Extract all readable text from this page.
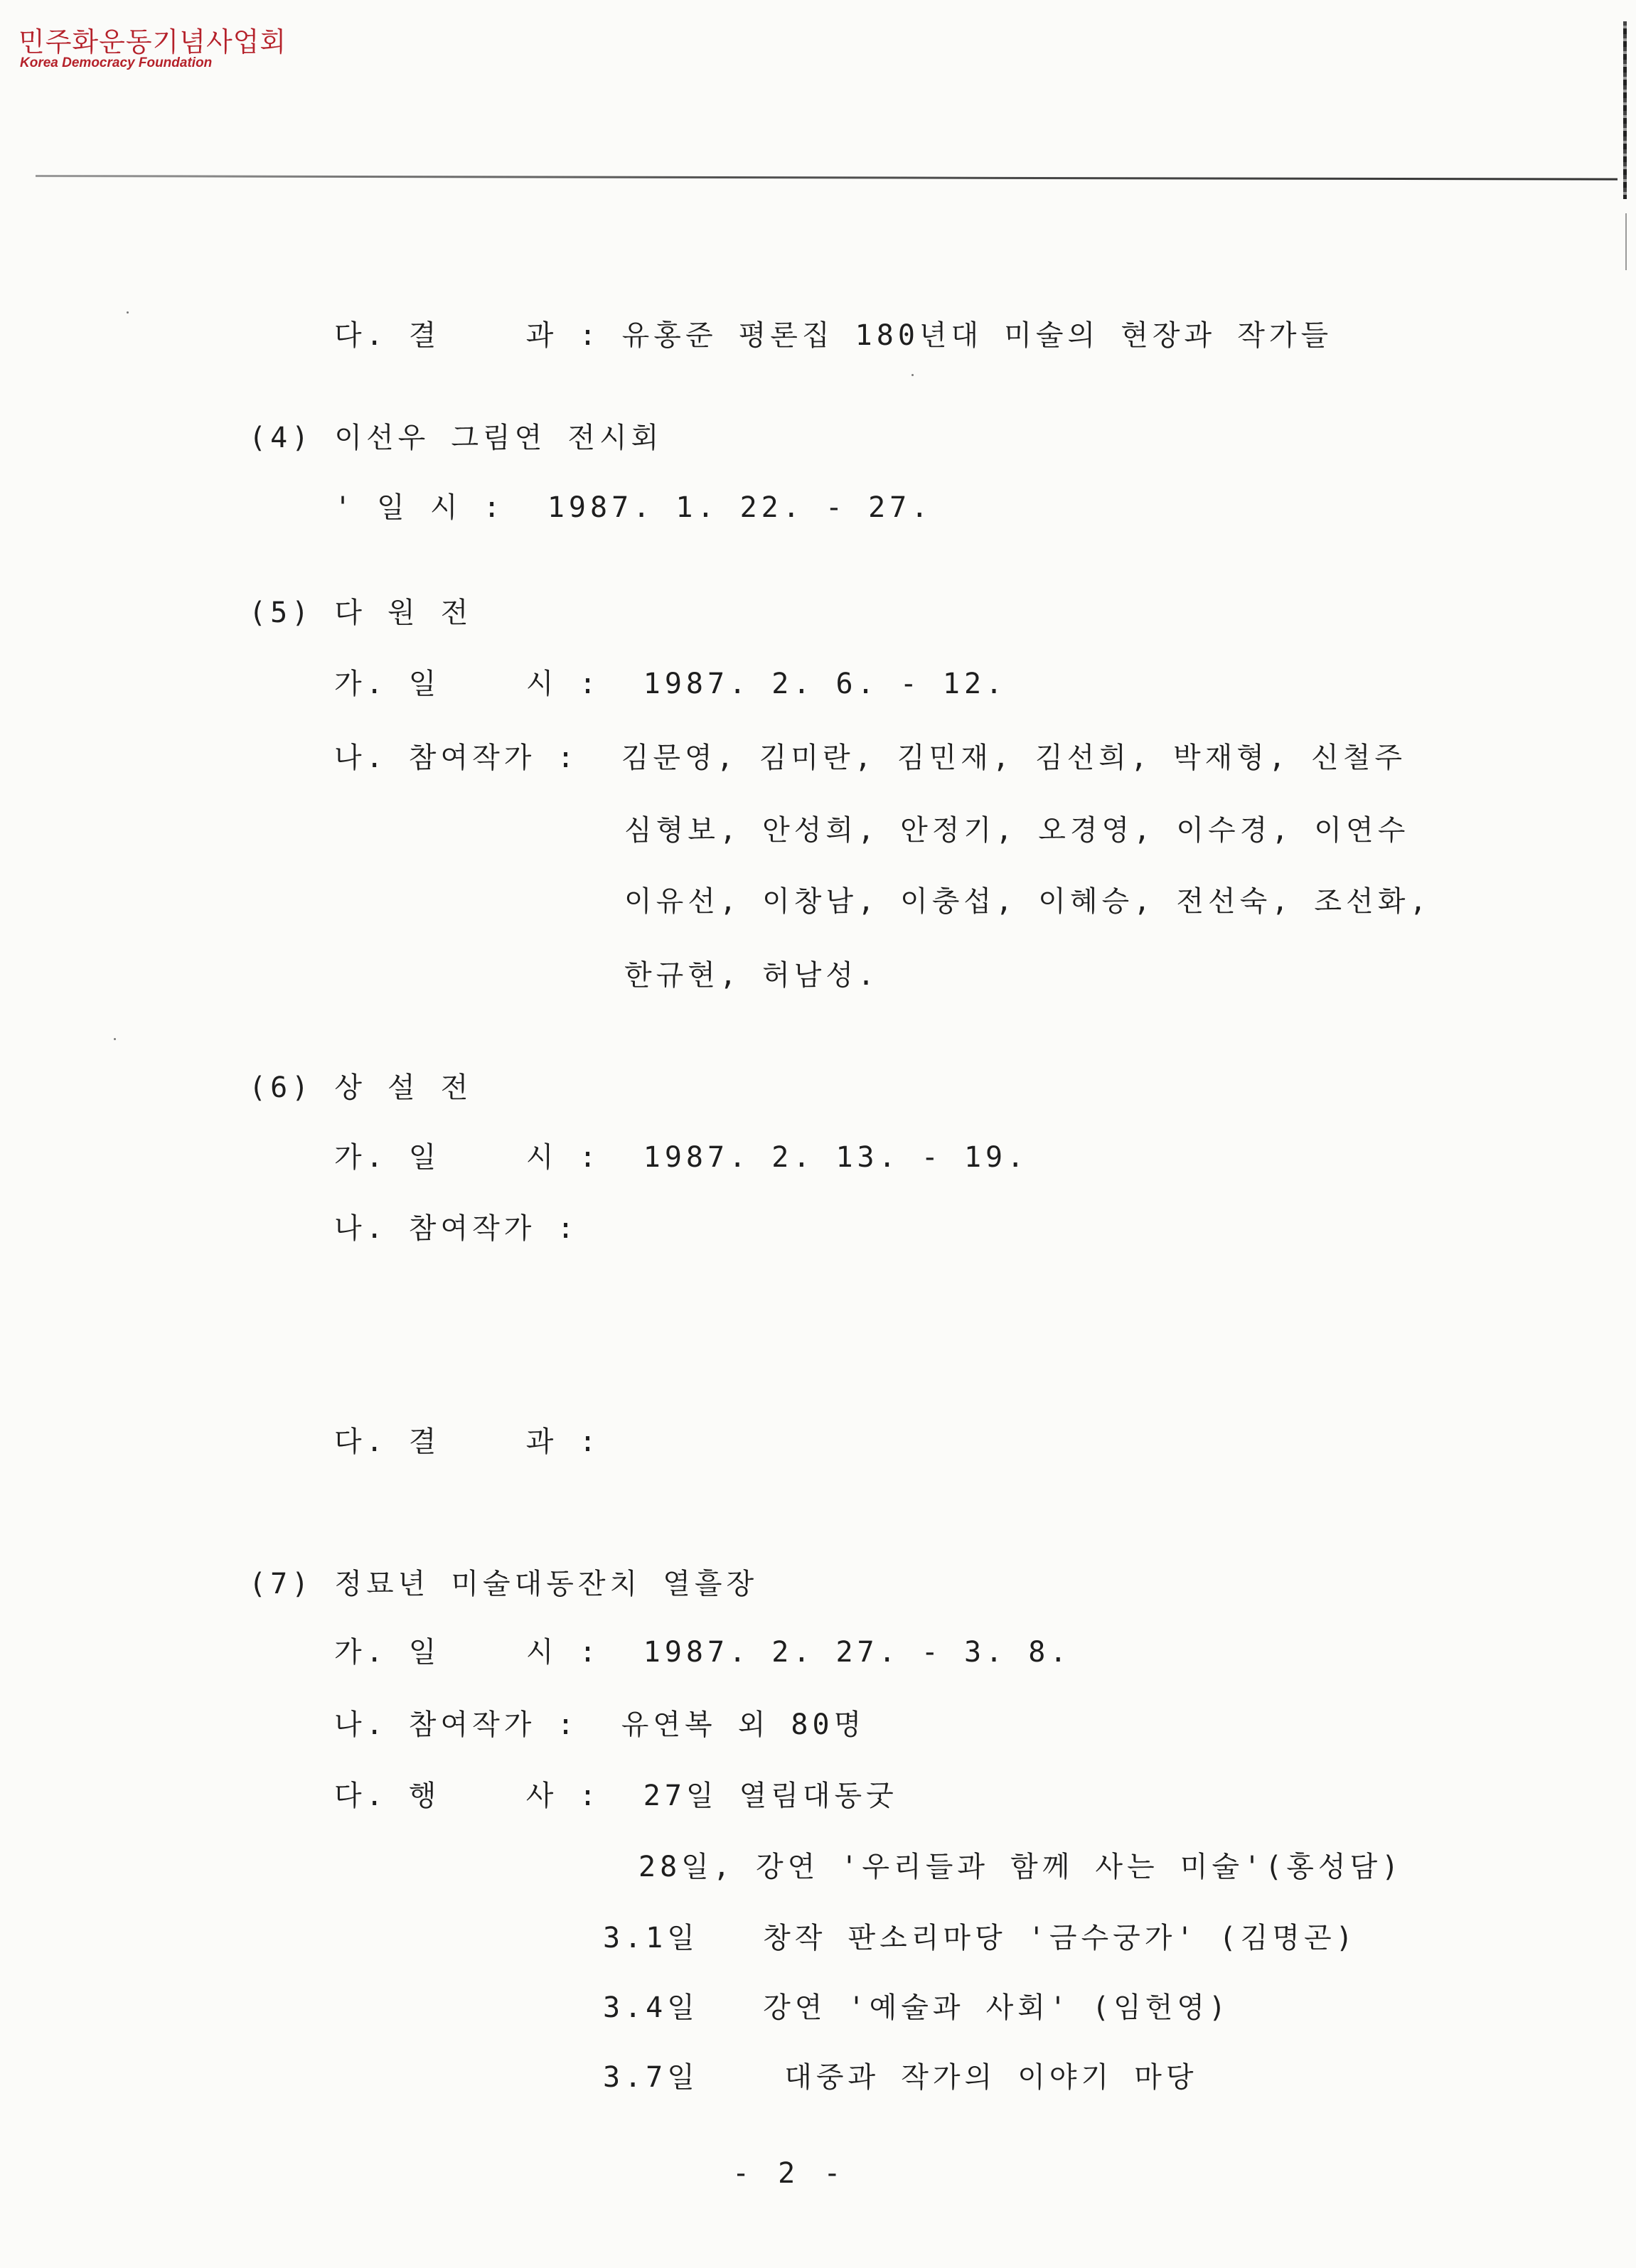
민주화운동기념사업회
Korea Democracy Foundation
다. 결    과 : 유홍준 평론집 180년대 미술의 현장과 작가들
(4) 이선우 그림연 전시회
' 일 시 :  1987. 1. 22. - 27.
(5) 다 원 전
가. 일    시 :  1987. 2. 6. - 12.
나. 참여작가 :  김문영, 김미란, 김민재, 김선희, 박재형, 신철주
심형보, 안성희, 안정기, 오경영, 이수경, 이연수
이유선, 이창남, 이충섭, 이혜승, 전선숙, 조선화,
한규현, 허남성.
(6) 상 설 전
가. 일    시 :  1987. 2. 13. - 19.
나. 참여작가 :
다. 결    과 :
(7) 정묘년 미술대동잔치 열흘장
가. 일    시 :  1987. 2. 27. - 3. 8.
나. 참여작가 :  유연복 외 80명
다. 행    사 :  27일 열림대동굿
28일, 강연 '우리들과 함께 사는 미술'(홍성담)
3.1일   창작 판소리마당 '금수궁가' (김명곤)
3.4일   강연 '예술과 사회' (임헌영)
3.7일    대중과 작가의 이야기 마당
- 2 -
